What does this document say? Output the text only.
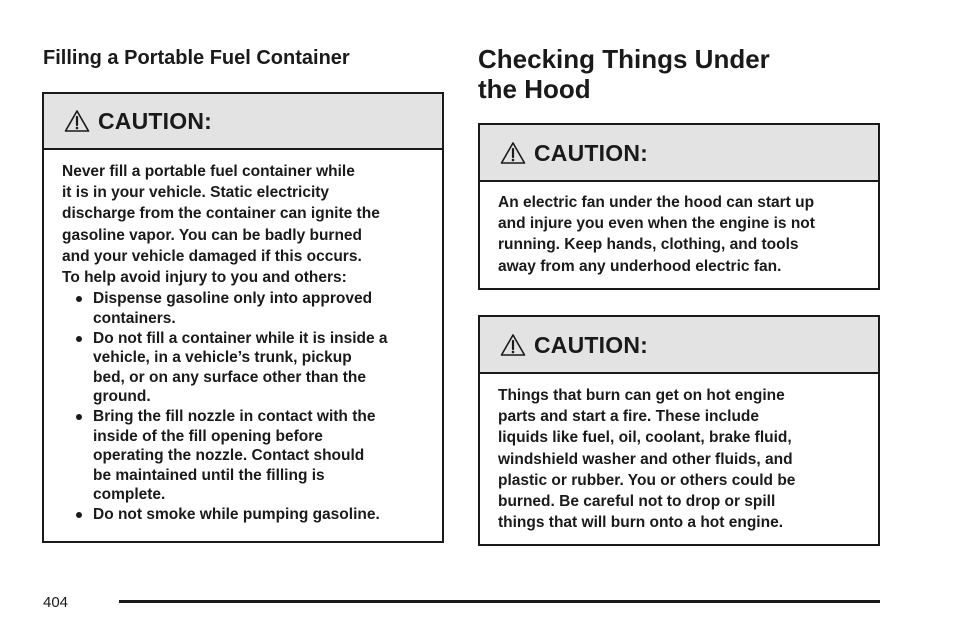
Filling a Portable Fuel Container
CAUTION:

Never fill a portable fuel container while
it is in your vehicle. Static electricity
discharge from the container can ignite the
gasoline vapor. You can be badly burned
and your vehicle damaged if this occurs.
To help avoid injury to you and others:

Dispense gasoline only into approved
containers.
Do not fill a container while it is inside a
vehicle, in a vehicle’s trunk, pickup
bed, or on any surface other than the
ground.
Bring the fill nozzle in contact with the
inside of the fill opening before
operating the nozzle. Contact should
be maintained until the filling is
complete.
Do not smoke while pumping gasoline.
Checking Things Under
the Hood
CAUTION:

An electric fan under the hood can start up
and injure you even when the engine is not
running. Keep hands, clothing, and tools
away from any underhood electric fan.

CAUTION:

Things that burn can get on hot engine
parts and start a fire. These include
liquids like fuel, oil, coolant, brake fluid,
windshield washer and other fluids, and
plastic or rubber. You or others could be
burned. Be careful not to drop or spill
things that will burn onto a hot engine.

404
